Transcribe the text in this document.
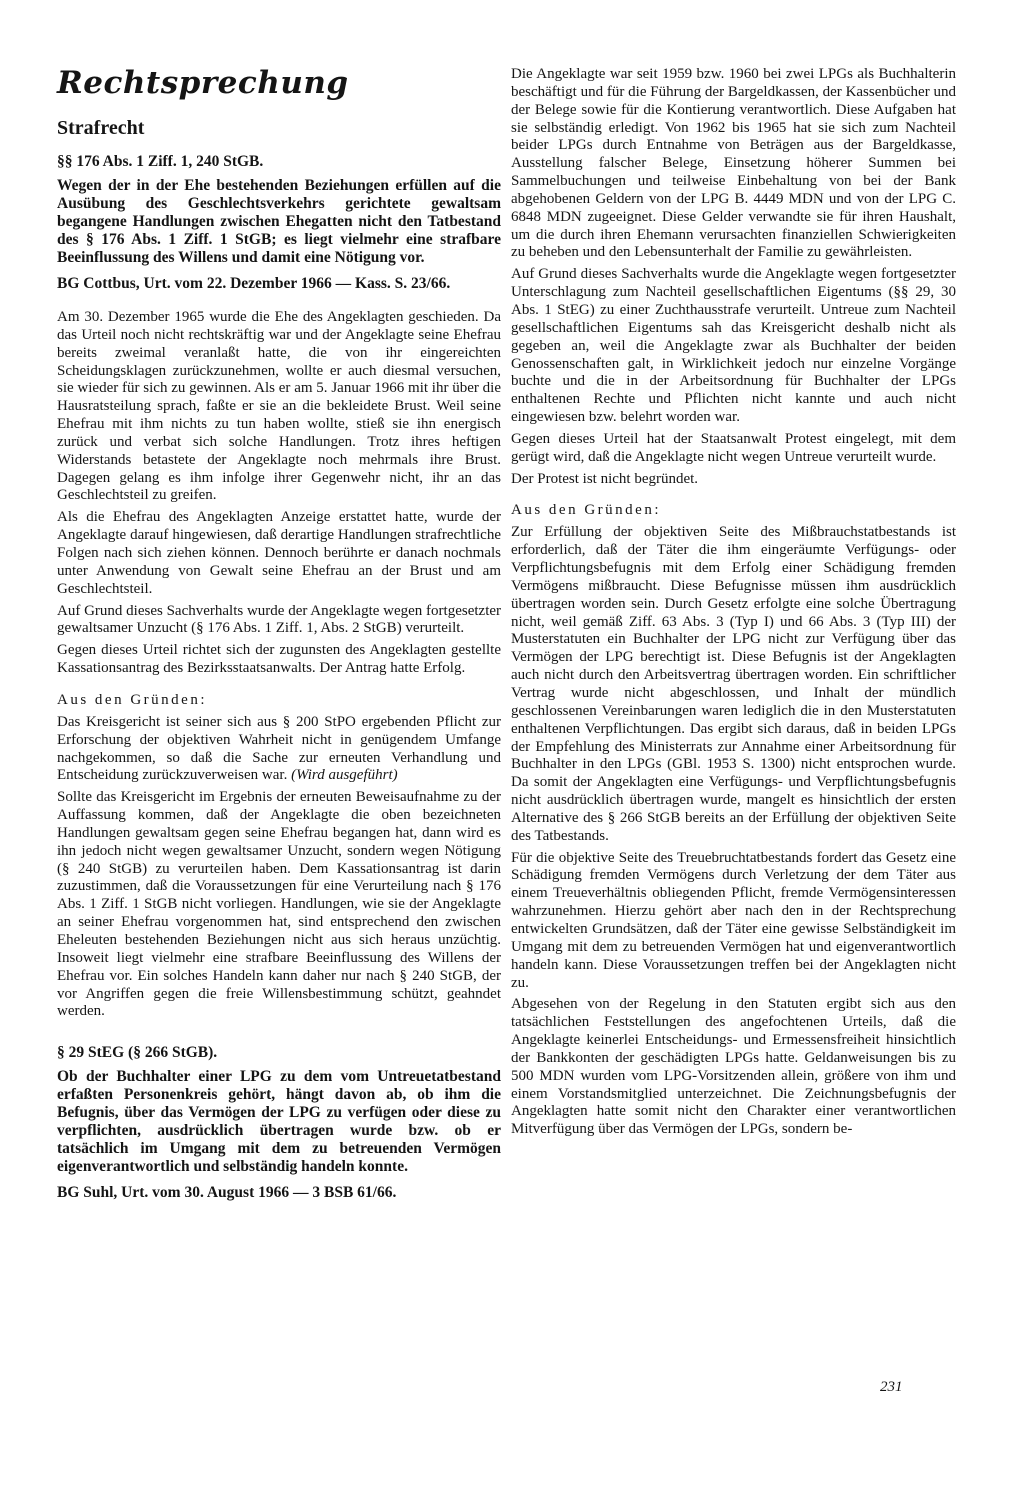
Rechtsprechung
Strafrecht
§§ 176 Abs. 1 Ziff. 1, 240 StGB.
Wegen der in der Ehe bestehenden Beziehungen erfüllen auf die Ausübung des Geschlechtsverkehrs gerichtete gewaltsam begangene Handlungen zwischen Ehegatten nicht den Tatbestand des § 176 Abs. 1 Ziff. 1 StGB; es liegt vielmehr eine strafbare Beeinflussung des Willens und damit eine Nötigung vor.
BG Cottbus, Urt. vom 22. Dezember 1966 — Kass. S. 23/66.

Am 30. Dezember 1965 wurde die Ehe des Angeklagten geschieden. Da das Urteil noch nicht rechtskräftig war und der Angeklagte seine Ehefrau bereits zweimal veranlaßt hatte, die von ihr eingereichten Scheidungsklagen zurückzunehmen, wollte er auch diesmal versuchen, sie wieder für sich zu gewinnen. Als er am 5. Januar 1966 mit ihr über die Hausratsteilung sprach, faßte er sie an die bekleidete Brust. Weil seine Ehefrau mit ihm nichts zu tun haben wollte, stieß sie ihn energisch zurück und verbat sich solche Handlungen. Trotz ihres heftigen Widerstands betastete der Angeklagte noch mehrmals ihre Brust. Dagegen gelang es ihm infolge ihrer Gegenwehr nicht, ihr an das Geschlechtsteil zu greifen.

Als die Ehefrau des Angeklagten Anzeige erstattet hatte, wurde der Angeklagte darauf hingewiesen, daß derartige Handlungen strafrechtliche Folgen nach sich ziehen können. Dennoch berührte er danach nochmals unter Anwendung von Gewalt seine Ehefrau an der Brust und am Geschlechtsteil.

Auf Grund dieses Sachverhalts wurde der Angeklagte wegen fortgesetzter gewaltsamer Unzucht (§ 176 Abs. 1 Ziff. 1, Abs. 2 StGB) verurteilt.

Gegen dieses Urteil richtet sich der zugunsten des Angeklagten gestellte Kassationsantrag des Bezirksstaatsanwalts. Der Antrag hatte Erfolg.

Aus den Gründen:

Das Kreisgericht ist seiner sich aus § 200 StPO ergebenden Pflicht zur Erforschung der objektiven Wahrheit nicht in genügendem Umfange nachgekommen, so daß die Sache zur erneuten Verhandlung und Entscheidung zurückzuverweisen war. (Wird ausgeführt)

Sollte das Kreisgericht im Ergebnis der erneuten Beweisaufnahme zu der Auffassung kommen, daß der Angeklagte die oben bezeichneten Handlungen gewaltsam gegen seine Ehefrau begangen hat, dann wird es ihn jedoch nicht wegen gewaltsamer Unzucht, sondern wegen Nötigung (§ 240 StGB) zu verurteilen haben. Dem Kassationsantrag ist darin zuzustimmen, daß die Voraussetzungen für eine Verurteilung nach § 176 Abs. 1 Ziff. 1 StGB nicht vorliegen. Handlungen, wie sie der Angeklagte an seiner Ehefrau vorgenommen hat, sind entsprechend den zwischen Eheleuten bestehenden Beziehungen nicht aus sich heraus unzüchtig. Insoweit liegt vielmehr eine strafbare Beeinflussung des Willens der Ehefrau vor. Ein solches Handeln kann daher nur nach § 240 StGB, der vor Angriffen gegen die freie Willensbestimmung schützt, geahndet werden.

§ 29 StEG (§ 266 StGB).
Ob der Buchhalter einer LPG zu dem vom Untreuetatbestand erfaßten Personenkreis gehört, hängt davon ab, ob ihm die Befugnis, über das Vermögen der LPG zu verfügen oder diese zu verpflichten, ausdrücklich übertragen wurde bzw. ob er tatsächlich im Umgang mit dem zu betreuenden Vermögen eigenverantwortlich und selbständig handeln konnte.
BG Suhl, Urt. vom 30. August 1966 — 3 BSB 61/66.

Die Angeklagte war seit 1959 bzw. 1960 bei zwei LPGs als Buchhalterin beschäftigt und für die Führung der Bargeldkassen, der Kassenbücher und der Belege sowie für die Kontierung verantwortlich. Diese Aufgaben hat sie selbständig erledigt. Von 1962 bis 1965 hat sie sich zum Nachteil beider LPGs durch Entnahme von Beträgen aus der Bargeldkasse, Ausstellung falscher Belege, Einsetzung höherer Summen bei Sammelbuchungen und teilweise Einbehaltung von bei der Bank abgehobenen Geldern von der LPG B. 4449 MDN und von der LPG C. 6848 MDN zugeeignet. Diese Gelder verwandte sie für ihren Haushalt, um die durch ihren Ehemann verursachten finanziellen Schwierigkeiten zu beheben und den Lebensunterhalt der Familie zu gewährleisten.

Auf Grund dieses Sachverhalts wurde die Angeklagte wegen fortgesetzter Unterschlagung zum Nachteil gesellschaftlichen Eigentums (§§ 29, 30 Abs. 1 StEG) zu einer Zuchthausstrafe verurteilt. Untreue zum Nachteil gesellschaftlichen Eigentums sah das Kreisgericht deshalb nicht als gegeben an, weil die Angeklagte zwar als Buchhalter der beiden Genossenschaften galt, in Wirklichkeit jedoch nur einzelne Vorgänge buchte und die in der Arbeitsordnung für Buchhalter der LPGs enthaltenen Rechte und Pflichten nicht kannte und auch nicht eingewiesen bzw. belehrt worden war.

Gegen dieses Urteil hat der Staatsanwalt Protest eingelegt, mit dem gerügt wird, daß die Angeklagte nicht wegen Untreue verurteilt wurde.

Der Protest ist nicht begründet.

Aus den Gründen:

Zur Erfüllung der objektiven Seite des Mißbrauchstatbestands ist erforderlich, daß der Täter die ihm eingeräumte Verfügungs- oder Verpflichtungsbefugnis mit dem Erfolg einer Schädigung fremden Vermögens mißbraucht. Diese Befugnisse müssen ihm ausdrücklich übertragen worden sein. Durch Gesetz erfolgte eine solche Übertragung nicht, weil gemäß Ziff. 63 Abs. 3 (Typ I) und 66 Abs. 3 (Typ III) der Musterstatuten ein Buchhalter der LPG nicht zur Verfügung über das Vermögen der LPG berechtigt ist. Diese Befugnis ist der Angeklagten auch nicht durch den Arbeitsvertrag übertragen worden. Ein schriftlicher Vertrag wurde nicht abgeschlossen, und Inhalt der mündlich geschlossenen Vereinbarungen waren lediglich die in den Musterstatuten enthaltenen Verpflichtungen. Das ergibt sich daraus, daß in beiden LPGs der Empfehlung des Ministerrats zur Annahme einer Arbeitsordnung für Buchhalter in den LPGs (GBl. 1953 S. 1300) nicht entsprochen wurde. Da somit der Angeklagten eine Verfügungs- und Verpflichtungsbefugnis nicht ausdrücklich übertragen wurde, mangelt es hinsichtlich der ersten Alternative des § 266 StGB bereits an der Erfüllung der objektiven Seite des Tatbestands.

Für die objektive Seite des Treuebruchtatbestands fordert das Gesetz eine Schädigung fremden Vermögens durch Verletzung der dem Täter aus einem Treueverhältnis obliegenden Pflicht, fremde Vermögensinteressen wahrzunehmen. Hierzu gehört aber nach den in der Rechtsprechung entwickelten Grundsätzen, daß der Täter eine gewisse Selbständigkeit im Umgang mit dem zu betreuenden Vermögen hat und eigenverantwortlich handeln kann. Diese Voraussetzungen treffen bei der Angeklagten nicht zu.

Abgesehen von der Regelung in den Statuten ergibt sich aus den tatsächlichen Feststellungen des angefochtenen Urteils, daß die Angeklagte keinerlei Entscheidungs- und Ermessensfreiheit hinsichtlich der Bankkonten der geschädigten LPGs hatte. Geldanweisungen bis zu 500 MDN wurden vom LPG-Vorsitzenden allein, größere von ihm und einem Vorstandsmitglied unterzeichnet. Die Zeichnungsbefugnis der Angeklagten hatte somit nicht den Charakter einer verantwortlichen Mitverfügung über das Vermögen der LPGs, sondern be-

231
